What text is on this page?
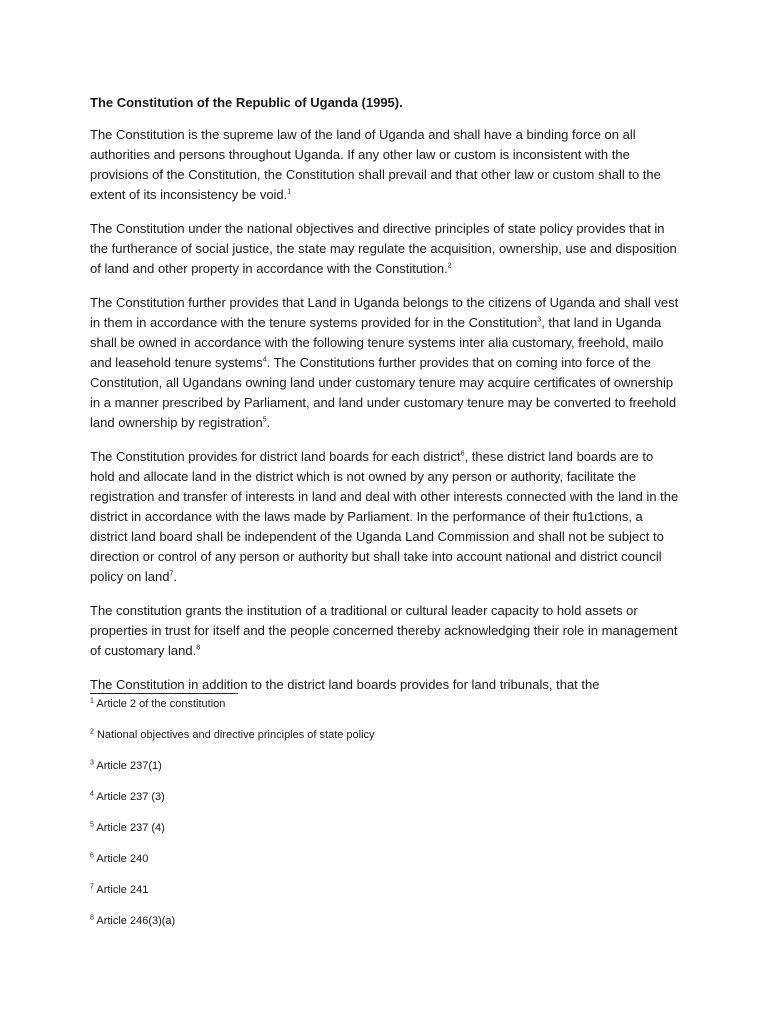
The Constitution of the Republic of Uganda (1995).

The Constitution is the supreme law of the land of Uganda and shall have a binding force on all authorities and persons throughout Uganda. If any other law or custom is inconsistent with the provisions of the Constitution, the Constitution shall prevail and that other law or custom shall to the extent of its inconsistency be void.$^1$

The Constitution under the national objectives and directive principles of state policy provides that in the furtherance of social justice, the state may regulate the acquisition, ownership, use and disposition of land and other property in accordance with the Constitution.$^2$

The Constitution further provides that Land in Uganda belongs to the citizens of Uganda and shall vest in them in accordance with the tenure systems provided for in the Constitution$^3$, that land in Uganda shall be owned in accordance with the following tenure systems inter alia customary, freehold, mailo and leasehold tenure systems$^4$. The Constitutions further provides that on coming into force of the Constitution, all Ugandans owning land under customary tenure may acquire certificates of ownership in a manner prescribed by Parliament, and land under customary tenure may be converted to freehold land ownership by registration$^5$.

The Constitution provides for district land boards for each district$^6$, these district land boards are to hold and allocate land in the district which is not owned by any person or authority, facilitate the registration and transfer of interests in land and deal with other interests connected with the land in the district in accordance with the laws made by Parliament. In the performance of their ftu1ctions, a district land board shall be independent of the Uganda Land Commission and shall not be subject to direction or control of any person or authority but shall take into account national and district council policy on land$^7$.

The constitution grants the institution of a traditional or cultural leader capacity to hold assets or properties in trust for itself and the people concerned thereby acknowledging their role in management of customary land.$^8$

The Constitution in addition to the district land boards provides for land tribunals, that the

$^1$ Article 2 of the constitution

$^2$ National objectives and directive principles of state policy

$^3$ Article 237(1)

$^4$ Article 237 (3)

$^5$ Article 237 (4)

$^6$ Article 240

$^7$ Article 241

$^8$ Article 246(3)(a)
